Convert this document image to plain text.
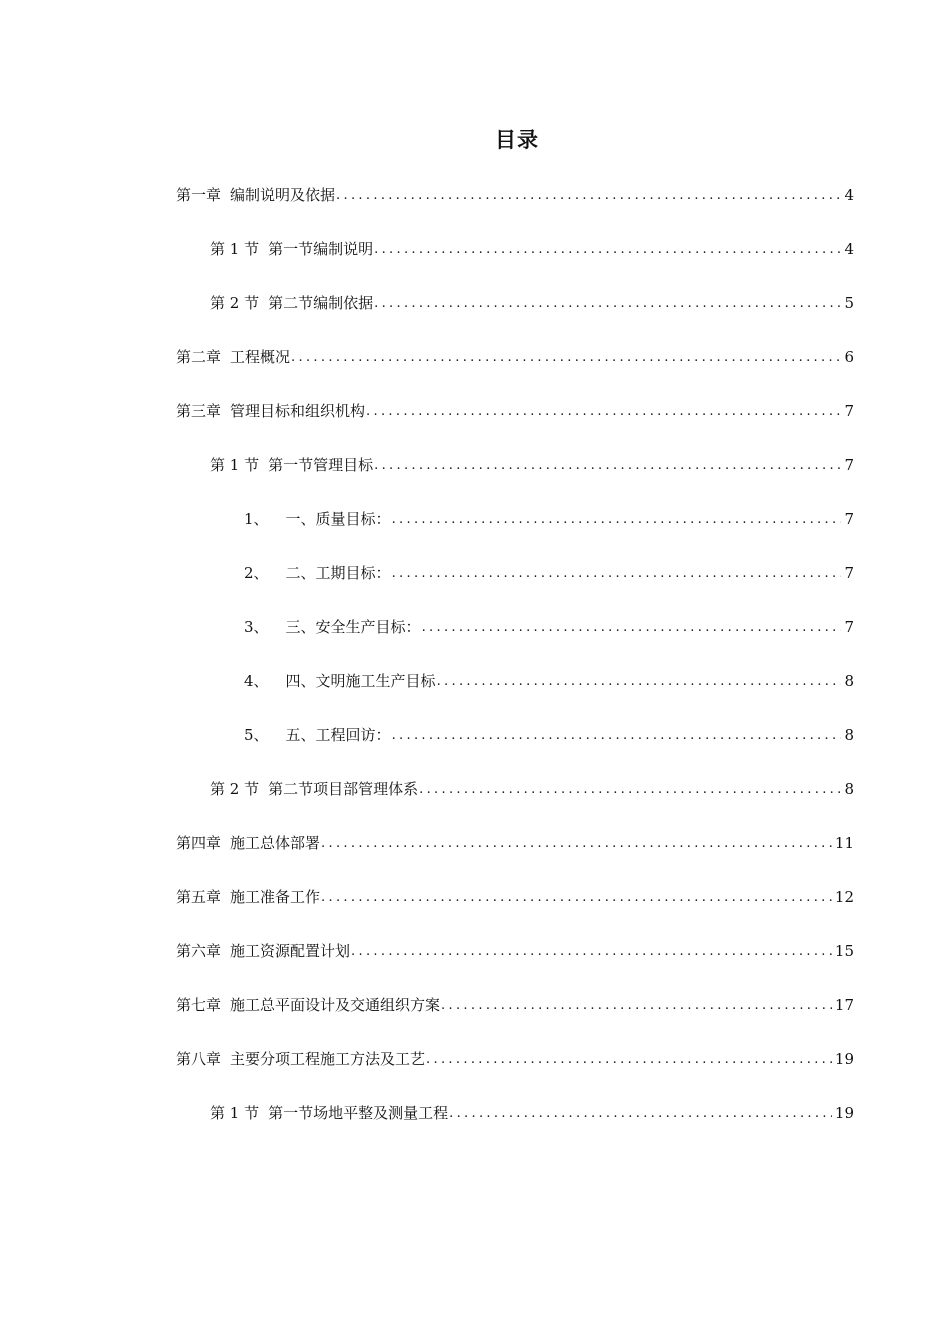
目录
第一章 编制说明及依据 . . .	4
第 1 节 第一节编制说明 . . .	4
第 2 节 第二节编制依据 . . .	5
第二章 工程概况 . . .	6
第三章 管理目标和组织机构 . . .	7
第 1 节 第一节管理目标 . . .	7
1、 一、质量目标： . . .	7
2、 二、工期目标： . . .	7
3、 三、安全生产目标： . . .	7
4、 四、文明施工生产目标 . . .	8
5、 五、工程回访： . . .	8
第 2 节 第二节项目部管理体系 . . .	8
第四章 施工总体部署 . . .	11
第五章 施工准备工作 . . .	12
第六章 施工资源配置计划 . . .	15
第七章 施工总平面设计及交通组织方案 . . .	17
第八章 主要分项工程施工方法及工艺 . . .	19
第 1 节 第一节场地平整及测量工程 . . .	19
